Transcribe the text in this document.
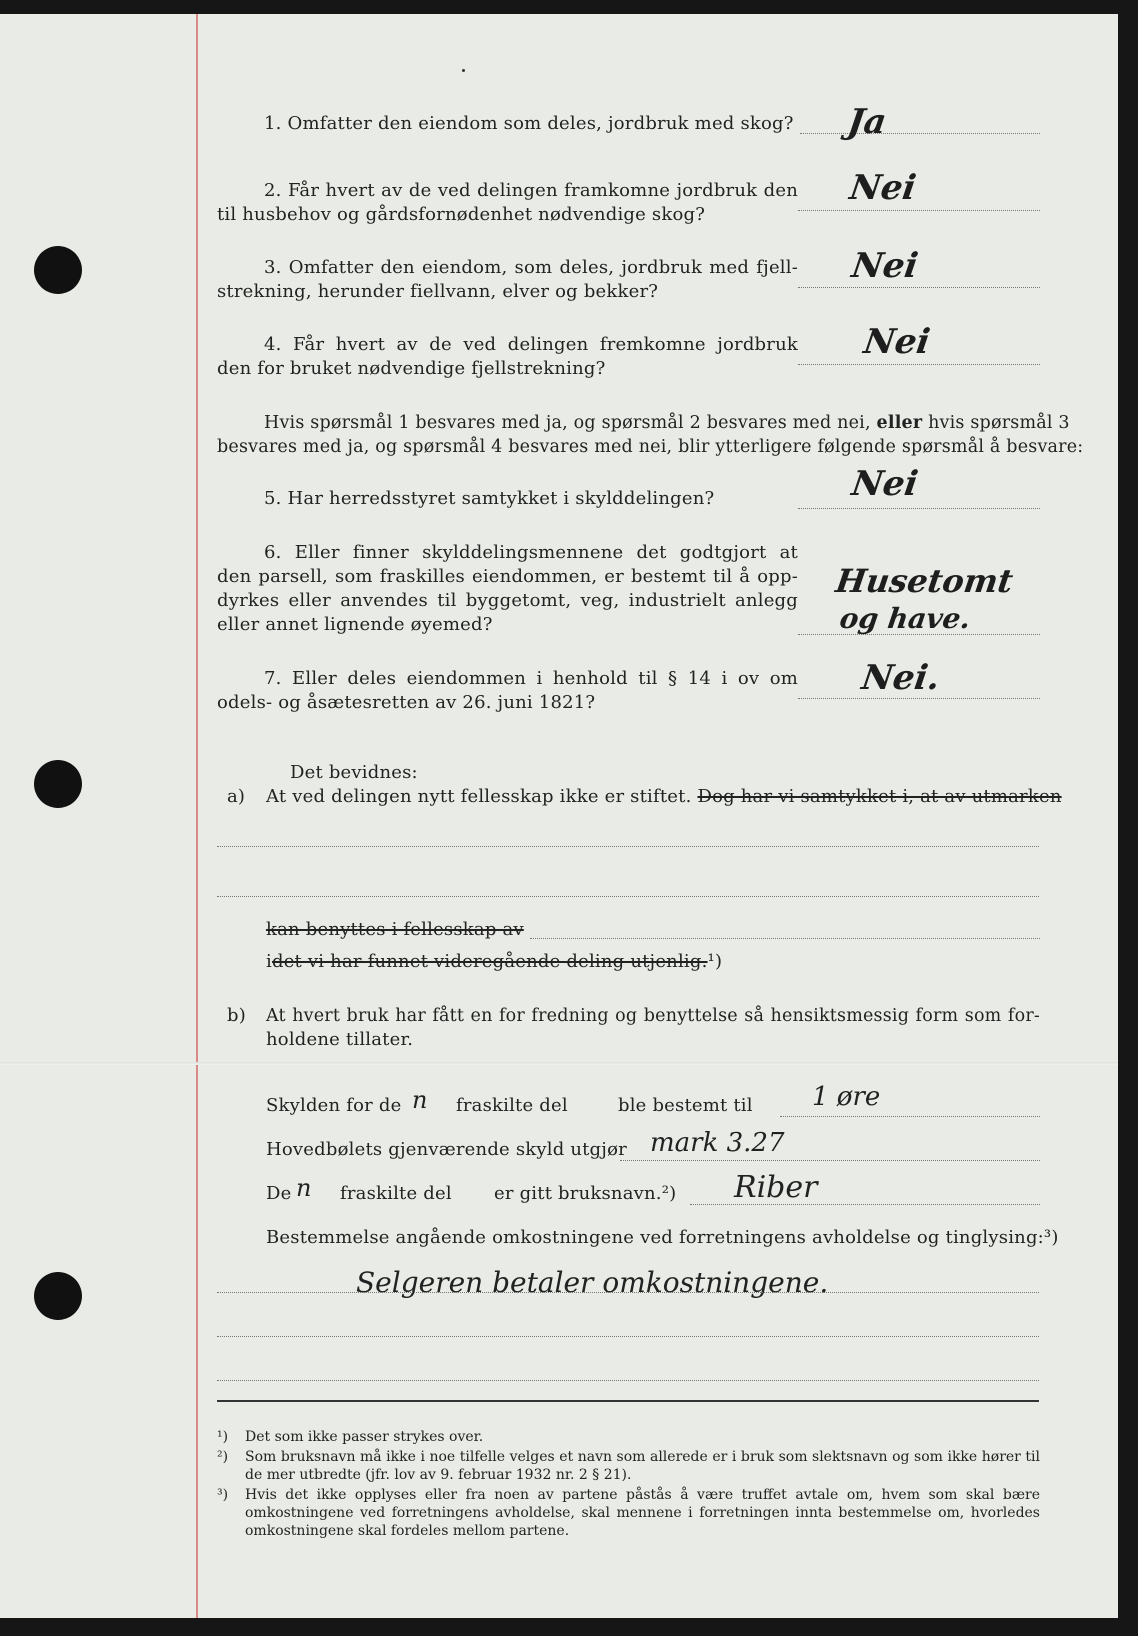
1. Omfatter den eiendom som deles, jordbruk med skog? Ja
2. Får hvert av de ved delingen framkomne jordbruk den
til husbehov og gårdsfornødenhet nødvendige skog?
Nei
3. Omfatter den eiendom, som deles, jordbruk med fjell-
strekning, herunder fiellvann, elver og bekker?
Nei
4. Får hvert av de ved delingen fremkomne jordbruk
den for bruket nødvendige fjellstrekning?
Nei
Hvis spørsmål 1 besvares med ja, og spørsmål 2 besvares med nei, eller hvis spørsmål 3
besvares med ja, og spørsmål 4 besvares med nei, blir ytterligere følgende spørsmål å besvare:
5. Har herredsstyret samtykket i skylddelingen?	Nei
6. Eller finner skylddelingsmennene det godtgjort at
den parsell, som fraskilles eiendommen, er bestemt til å opp-
dyrkes eller anvendes til byggetomt, veg, industrielt anlegg
eller annet lignende øyemed?
Husetomt
og have.
7. Eller deles eiendommen i henhold til § 14 i ov om
odels- og åsætesretten av 26. juni 1821?
Nei.
Det bevidnes:
a) At ved delingen nytt fellesskap ikke er stiftet. Dog har vi samtykket i, at av utmarken
kan benyttes i fellesskap av
idet vi har funnet videregående deling utjenlig.¹)
b) At hvert bruk har fått en for fredning og benyttelse så hensiktsmessig form som for-
holdene tillater.
Skylden for de n fraskilte del	ble bestemt til 1 øre
Hovedbølets gjenværende skyld utgjør mark 3.27
De n fraskilte del er gitt bruksnavn.²) Riber
Bestemmelse angående omkostningene ved forretningens avholdelse og tinglysing:³)
Selgeren betaler omkostningene.
¹) Det som ikke passer strykes over.
²) Som bruksnavn må ikke i noe tilfelle velges et navn som allerede er i bruk som slektsnavn og som ikke hører til de mer utbredte (jfr. lov av 9. februar 1932 nr. 2 § 21).
³) Hvis det ikke opplyses eller fra noen av partene påstås å være truffet avtale om, hvem som skal bære omkostningene ved forretningens avholdelse, skal mennene i forretningen innta bestemmelse om, hvorledes omkostningene skal fordeles mellom partene.
